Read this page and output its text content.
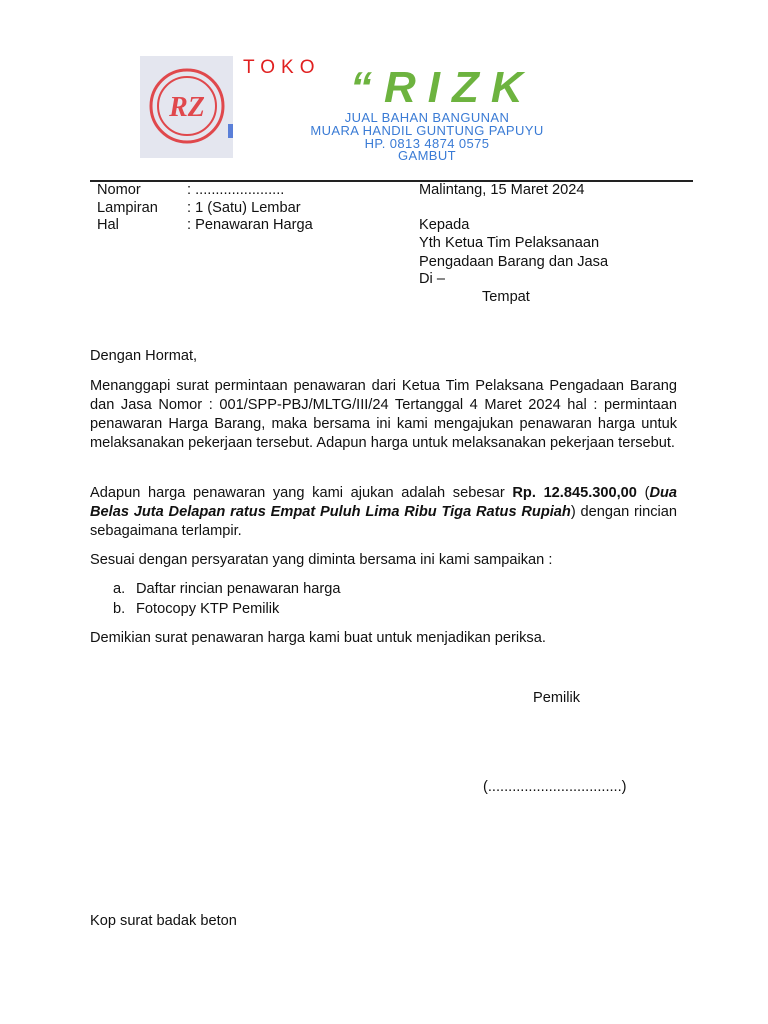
RZ
TOKO “RIZK
JUAL BAHAN BANGUNAN
MUARA HANDIL GUNTUNG PAPUYU
HP. 0813 4874 0575
GAMBUT
Nomor	: ......................
Lampiran : 1 (Satu) Lembar
Hal	: Penawaran Harga
Malintang, 15 Maret 2024
Kepada
Yth Ketua Tim Pelaksanaan
Pengadaan Barang dan Jasa
Di –
Tempat
Dengan Hormat,
Menanggapi surat permintaan penawaran dari Ketua Tim Pelaksana Pengadaan Barang dan Jasa Nomor : 001/SPP-PBJ/MLTG/III/24 Tertanggal 4 Maret 2024 hal : permintaan penawaran Harga Barang, maka bersama ini kami mengajukan penawaran harga untuk melaksanakan pekerjaan tersebut. Adapun harga untuk melaksanakan pekerjaan tersebut.
Adapun harga penawaran yang kami ajukan adalah sebesar Rp. 12.845.300,00 (Dua Belas Juta Delapan ratus Empat Puluh Lima Ribu Tiga Ratus Rupiah) dengan rincian sebagaimana terlampir.
Sesuai dengan persyaratan yang diminta bersama ini kami sampaikan :
a. Daftar rincian penawaran harga
b. Fotocopy KTP Pemilik
Demikian surat penawaran harga kami buat untuk menjadikan periksa.
Pemilik
(.................................)
Kop surat badak beton
